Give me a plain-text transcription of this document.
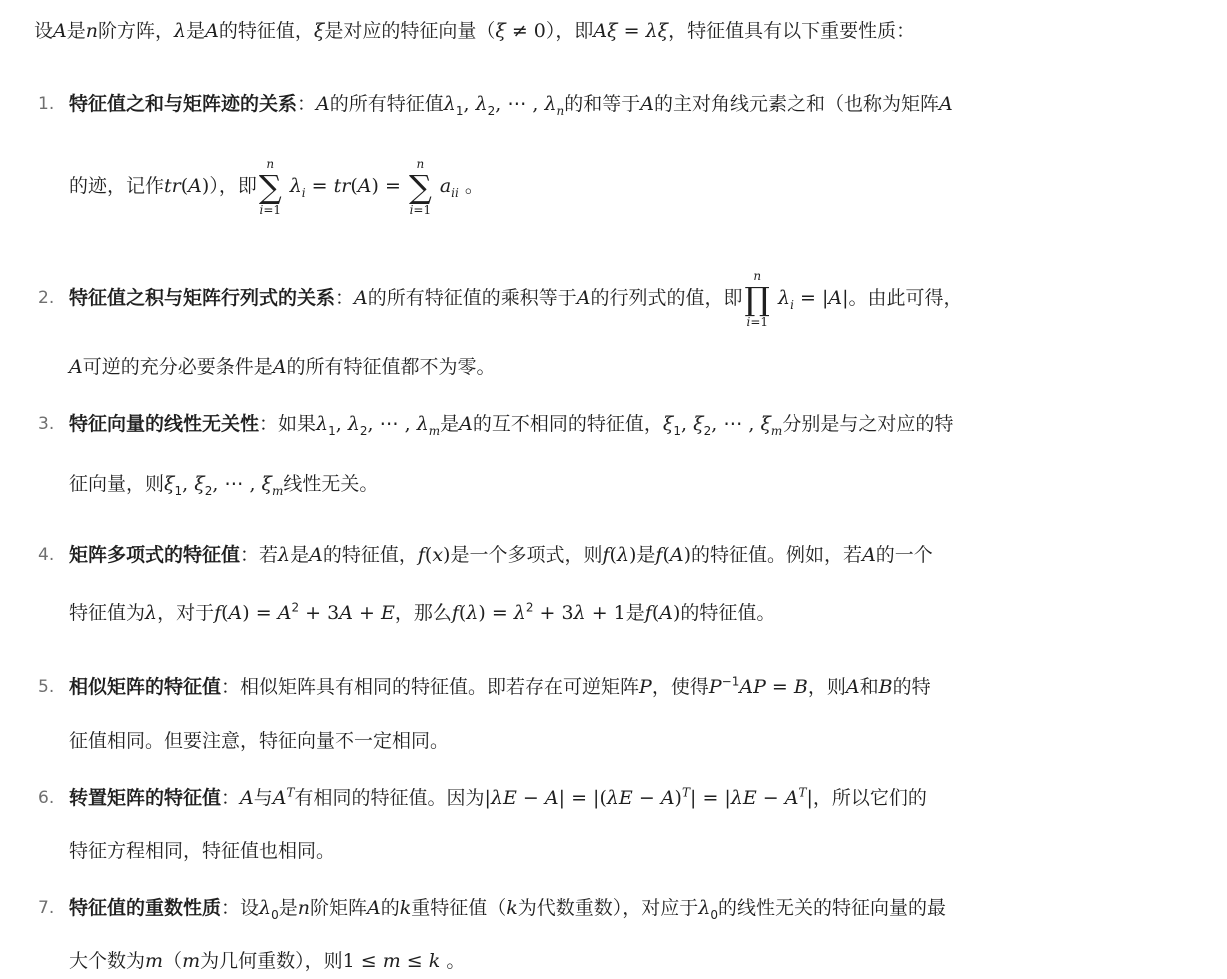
设A是n阶方阵，λ是A的特征值，ξ是对应的特征向量（ξ ≠ 0），即Aξ = λξ，特征值具有以下重要性质：
1. 特征值之和与矩阵迹的关系：A的所有特征值$\lambda_1$, $\lambda_2$, ⋯ , $\lambda_n$的和等于A的主对角线元素之和（也称为矩阵A
的迹，记作tr(A)），即
n
∑
i=1
$\lambda_i = tr(A)$ =
n
∑
i=1
$a_{ii}$ 。
2. 特征值之积与矩阵行列式的关系：A的所有特征值的乘积等于A的行列式的值，即
n
∏
i=1
$\lambda_i = |A|$。由此可得，
A可逆的充分必要条件是A的所有特征值都不为零。
3. 特征向量的线性无关性：如果$\lambda_1$, $\lambda_2$, ⋯ , $\lambda_m$是A的互不相同的特征值，$\xi_1$, $\xi_2$, ⋯ , $\xi_m$分别是与之对应的特
征向量，则$\xi_1$, $\xi_2$, ⋯ , $\xi_m$线性无关。
4. 矩阵多项式的特征值：若λ是A的特征值，f(x)是一个多项式，则f(λ)是f(A)的特征值。例如，若A的一个
特征值为λ，对于$f(A) = A^2 + 3A + E$，那么$f(\lambda) = \lambda^2 + 3\lambda + 1$是f(A)的特征值。
5. 相似矩阵的特征值：相似矩阵具有相同的特征值。即若存在可逆矩阵P，使得$P^{-1}AP = B$，则A和B的特
征值相同。但要注意，特征向量不一定相同。
6. 转置矩阵的特征值：A与$A^T$有相同的特征值。因为$|\lambda E - A| = |(\lambda E - A)^T| = |\lambda E - A^T|$，所以它们的
特征方程相同，特征值也相同。
7. 特征值的重数性质：设$\lambda_0$是n阶矩阵A的k重特征值（k为代数重数），对应于$\lambda_0$的线性无关的特征向量的最
大个数为m（m为几何重数），则1 ≤ m ≤ k 。
